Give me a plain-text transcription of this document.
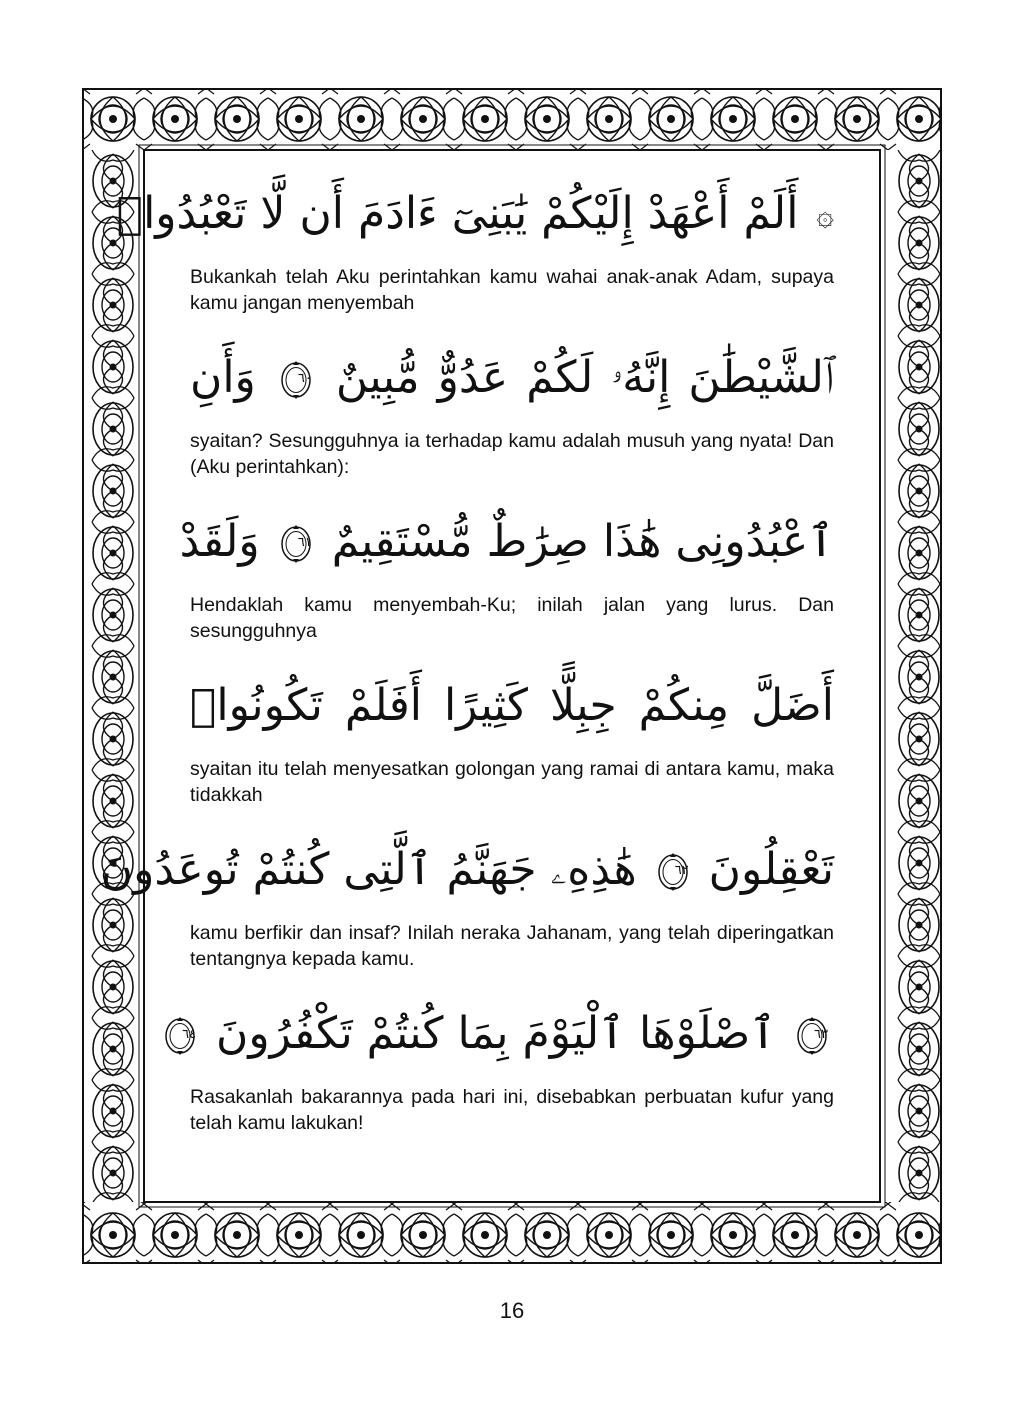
۞ أَلَمْ أَعْهَدْ إِلَيْكُمْ يَٰبَنِىٓ ءَادَمَ أَن لَّا تَعْبُدُوا۟
Bukankah telah Aku perintahkan kamu wahai anak-anak Adam, supaya kamu jangan menyembah
ٱلشَّيْطَٰنَ إِنَّهُۥ لَكُمْ عَدُوٌّ مُّبِينٌ
٦٠
وَأَنِ
syaitan? Sesungguhnya ia terhadap kamu adalah musuh yang nyata! Dan (Aku perintahkan):
ٱعْبُدُونِى هَٰذَا صِرَٰطٌ مُّسْتَقِيمٌ
٦١
وَلَقَدْ
Hendaklah kamu menyembah-Ku; inilah jalan yang lurus. Dan sesungguhnya
أَضَلَّ مِنكُمْ جِبِلًّا كَثِيرًا أَفَلَمْ تَكُونُوا۟
syaitan itu telah menyesatkan golongan yang ramai di antara kamu, maka tidakkah
تَعْقِلُونَ
٦٢
هَٰذِهِۦ جَهَنَّمُ ٱلَّتِى كُنتُمْ تُوعَدُونَ
kamu berfikir dan insaf? Inilah neraka Jahanam, yang telah diperingatkan tentangnya kepada kamu.
٦٣
ٱصْلَوْهَا ٱلْيَوْمَ بِمَا كُنتُمْ تَكْفُرُونَ
٦٤
Rasakanlah bakarannya pada hari ini, disebabkan perbuatan kufur yang telah kamu lakukan!
16
